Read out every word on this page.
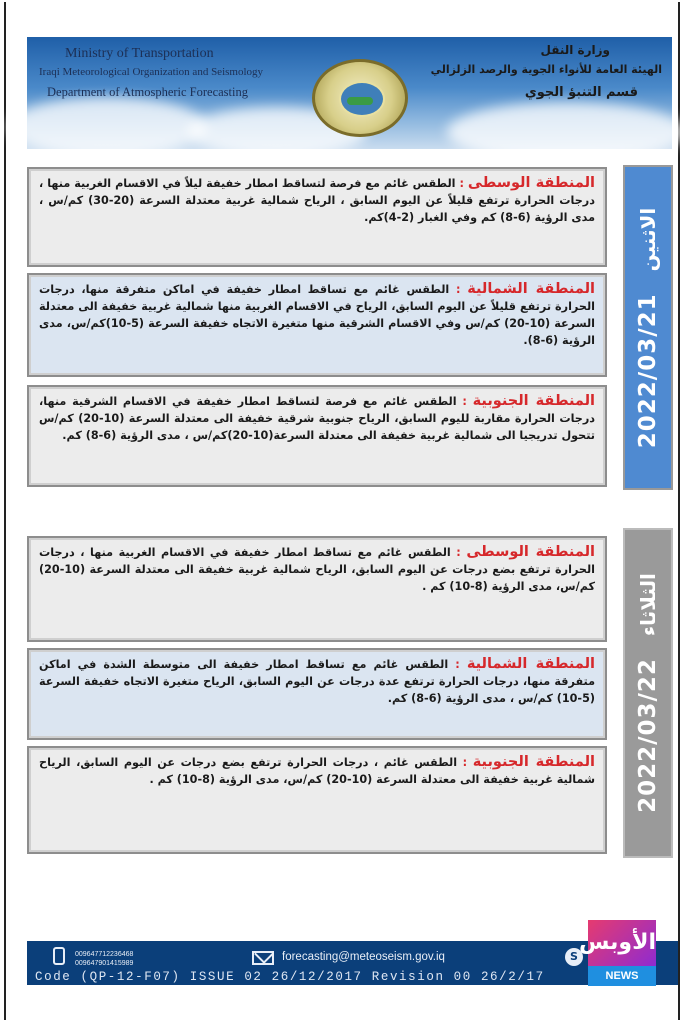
Ministry of Transportation
Iraqi Meteorological Organization and Seismology
Department of Atmospheric Forecasting
وزارة النقل
الهيئة العامة للأنواء الجوية والرصد الزلزالي
قسم التنبؤ الجوي
2022/03/21
الاثنين
المنطقة الوسطى : الطقس غائم مع فرصة لتساقط امطار خفيفة ليلاً في الاقسام الغربية منها ، درجات الحرارة ترتفع قليلاً عن اليوم السابق ، الرياح شمالية غربية معتدلة السرعة (20-30) كم/س ، مدى الرؤية (6-8) كم وفي الغبار (2-4)كم.
المنطقة الشمالية : الطقس غائم مع تساقط امطار خفيفة في اماكن متفرقة منها، درجات الحرارة ترتفع قليلاً عن اليوم السابق، الرياح في الاقسام الغربية منها شمالية غربية خفيفة الى معتدلة السرعة (10-20) كم/س وفي الاقسام الشرقية منها متغيرة الاتجاه خفيفة السرعة (5-10)كم/س، مدى الرؤية (6-8).
المنطقة الجنوبية : الطقس غائم مع فرصة لتساقط امطار خفيفة في الاقسام الشرقية منها، درجات الحرارة مقاربة لليوم السابق، الرياح جنوبية شرقية خفيفة الى معتدلة السرعة (10-20) كم/س تتحول تدريجيا الى شمالية غربية خفيفة الى معتدلة السرعة(10-20)كم/س ، مدى الرؤية (6-8) كم.
2022/03/22
الثلاثاء
المنطقة الوسطى : الطقس غائم مع تساقط امطار خفيفة في الاقسام الغربية منها ، درجات الحرارة ترتفع بضع درجات عن اليوم السابق، الرياح شمالية غربية خفيفة الى معتدلة السرعة (10-20) كم/س، مدى الرؤية (8-10) كم .
المنطقة الشمالية : الطقس غائم مع تساقط امطار خفيفة الى متوسطة الشدة في اماكن متفرقة منها، درجات الحرارة ترتفع عدة درجات عن اليوم السابق، الرياح متغيرة الاتجاه خفيفة السرعة (5-10) كم/س ، مدى الرؤية (6-8) كم.
المنطقة الجنوبية : الطقس غائم ، درجات الحرارة ترتفع بضع درجات عن اليوم السابق، الرياح شمالية غربية خفيفة الى معتدلة السرعة (10-20) كم/س، مدى الرؤية (8-10) كم .
009647712236468
009647901415989
forecasting@meteoseism.gov.iq	S
Code (QP-12-F07) ISSUE 02 26/12/2017 Revision 00 26/2/17
الأوبس
NEWS
